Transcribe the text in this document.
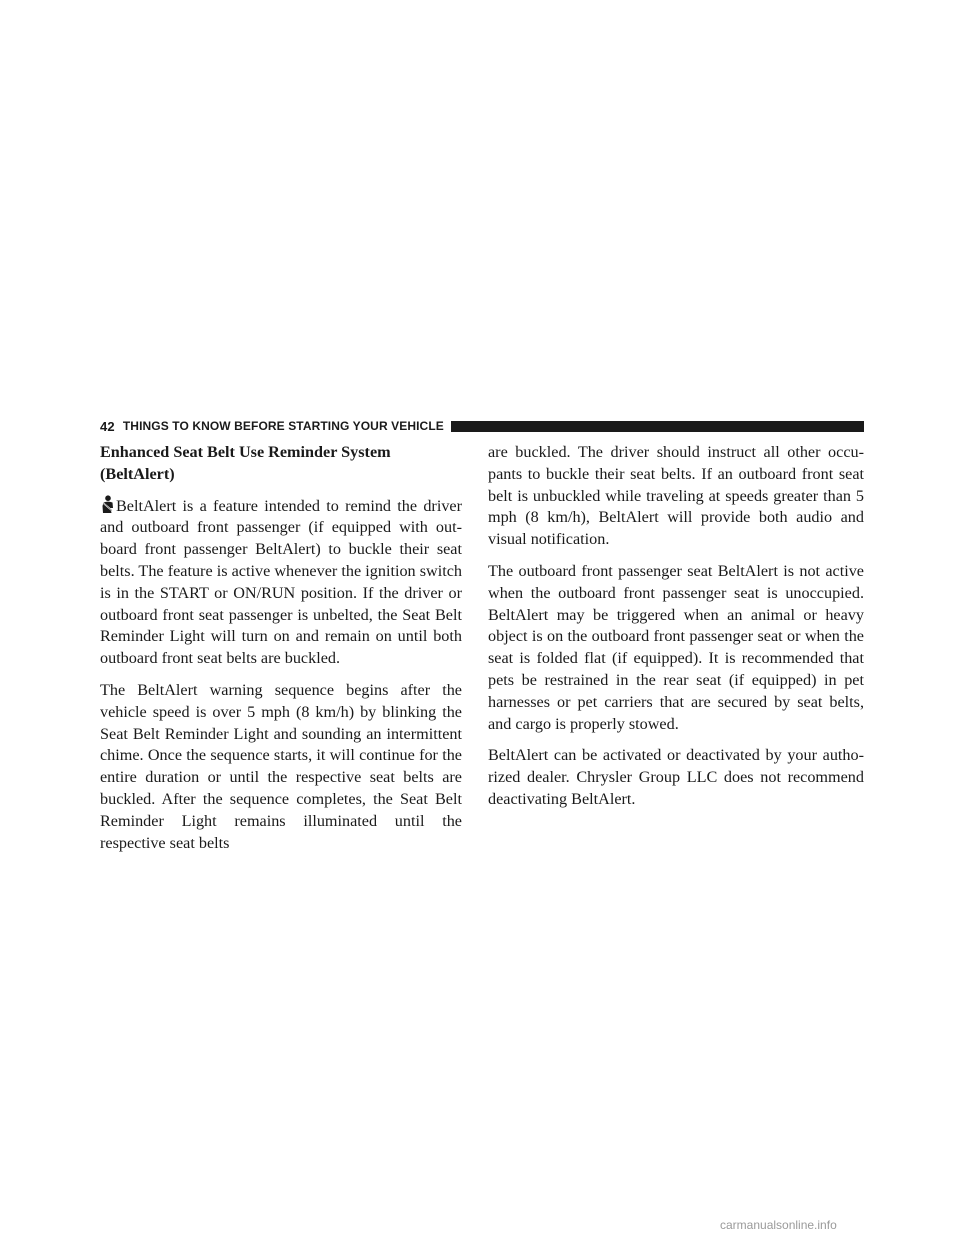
42 THINGS TO KNOW BEFORE STARTING YOUR VEHICLE
Enhanced Seat Belt Use Reminder System
(BeltAlert)

BeltAlert is a feature intended to remind the driver and outboard front passenger (if equipped with out-board front passenger BeltAlert) to buckle their seat belts. The feature is active whenever the ignition switch is in the START or ON/RUN position. If the driver or outboard front seat passenger is unbelted, the Seat Belt Reminder Light will turn on and remain on until both outboard front seat belts are buckled.

The BeltAlert warning sequence begins after the vehicle speed is over 5 mph (8 km/h) by blinking the Seat Belt Reminder Light and sounding an intermittent chime. Once the sequence starts, it will continue for the entire duration or until the respective seat belts are buckled. After the sequence completes, the Seat Belt Reminder Light remains illuminated until the respective seat belts

are buckled. The driver should instruct all other occu-pants to buckle their seat belts. If an outboard front seat belt is unbuckled while traveling at speeds greater than 5 mph (8 km/h), BeltAlert will provide both audio and visual notification.

The outboard front passenger seat BeltAlert is not active when the outboard front passenger seat is unoccupied. BeltAlert may be triggered when an animal or heavy object is on the outboard front passenger seat or when the seat is folded flat (if equipped). It is recommended that pets be restrained in the rear seat (if equipped) in pet harnesses or pet carriers that are secured by seat belts, and cargo is properly stowed.

BeltAlert can be activated or deactivated by your autho-rized dealer. Chrysler Group LLC does not recommend deactivating BeltAlert.

carmanualsonline.info
